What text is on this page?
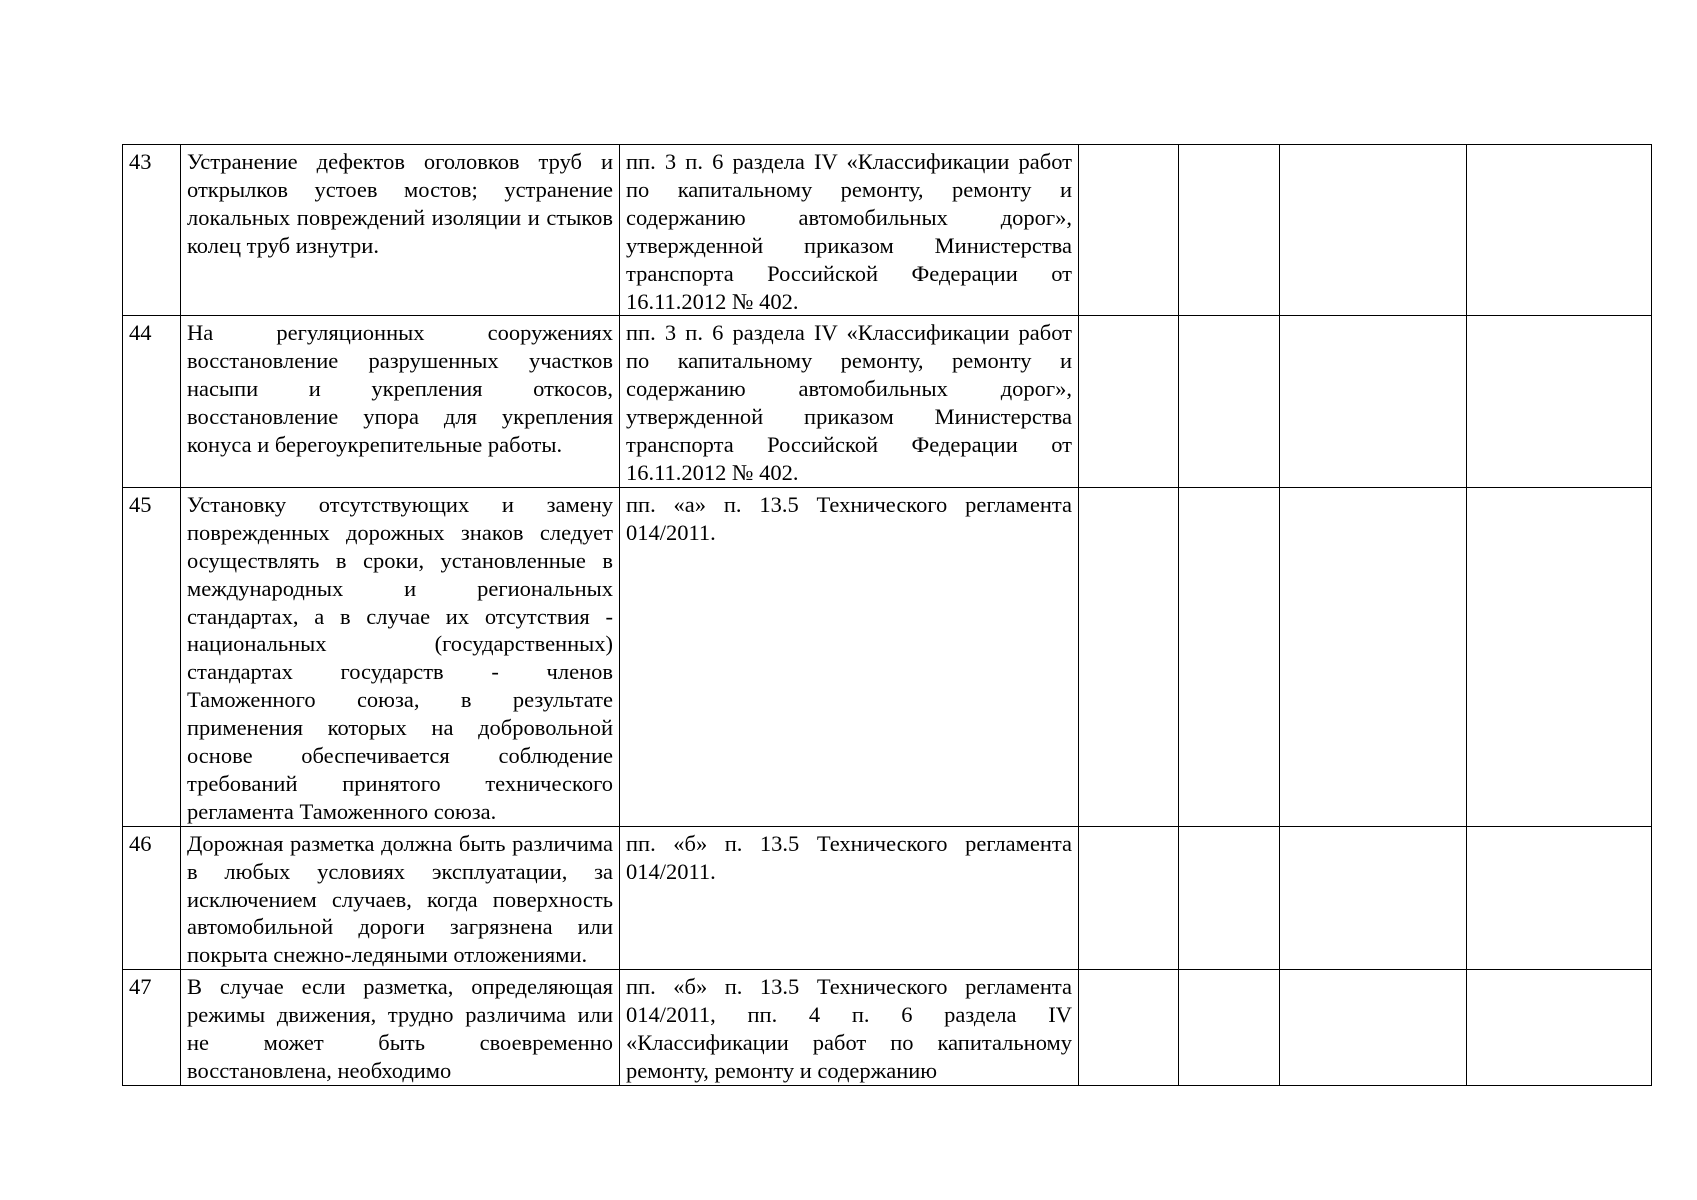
43	Устранение дефектов оголовков труб и открылков устоев мостов; устранение локальных повреждений изоляции и стыков колец труб изнутри.	пп. 3 п. 6 раздела IV «Классификации работ по капитальному ремонту, ремонту и содержанию автомобильных дорог», утвержденной приказом Министерства транспорта Российской Федерации от 16.11.2012 № 402.				
44	На регуляционных сооружениях восстановление разрушенных участков насыпи и укрепления откосов, восстановление упора для укрепления конуса и берегоукрепительные работы.	пп. 3 п. 6 раздела IV «Классификации работ по капитальному ремонту, ремонту и содержанию автомобильных дорог», утвержденной приказом Министерства транспорта Российской Федерации от 16.11.2012 № 402.				
45	Установку отсутствующих и замену поврежденных дорожных знаков следует осуществлять в сроки, установленные в международных и региональных стандартах, а в случае их отсутствия - национальных (государственных) стандартах государств - членов Таможенного союза, в результате применения которых на добровольной основе обеспечивается соблюдение требований принятого технического регламента Таможенного союза.	пп. «а» п. 13.5 Технического регламента 014/2011.				
46	Дорожная разметка должна быть различима в любых условиях эксплуатации, за исключением случаев, когда поверхность автомобильной дороги загрязнена или покрыта снежно-ледяными отложениями.	пп. «б» п. 13.5 Технического регламента 014/2011.				
47	В случае если разметка, определяющая режимы движения, трудно различима или не может быть своевременно восстановлена, необходимо	пп. «б» п. 13.5 Технического регламента 014/2011, пп. 4 п. 6 раздела IV «Классификации работ по капитальному ремонту, ремонту и содержанию				
